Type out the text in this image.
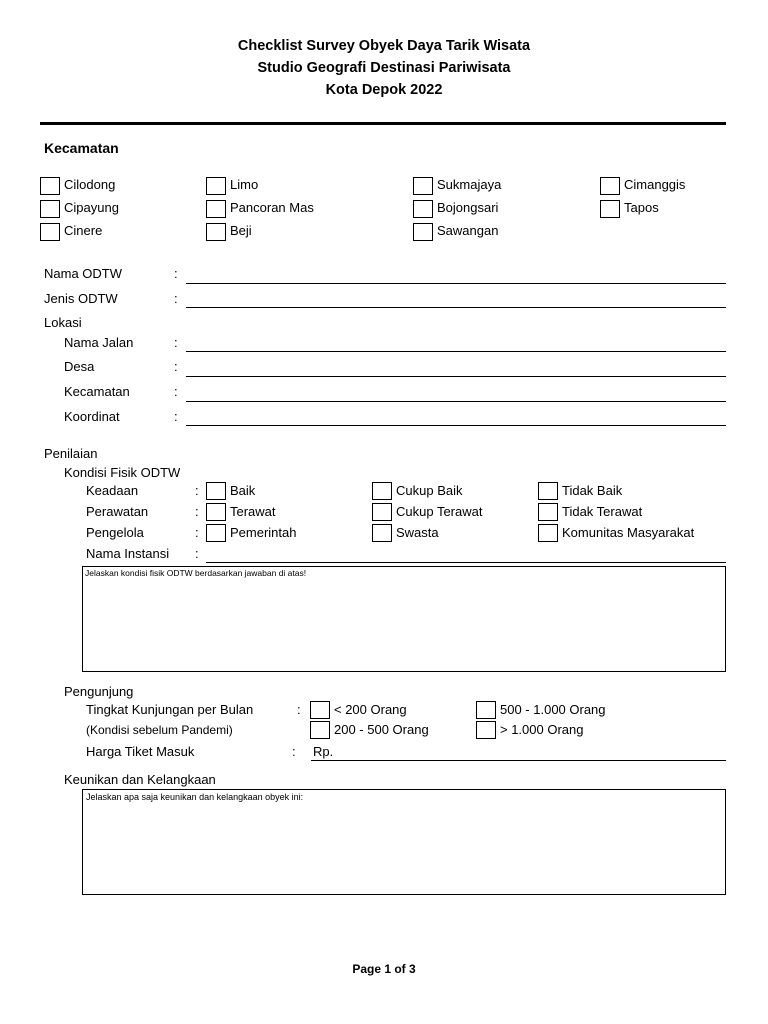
Checklist Survey Obyek Daya Tarik Wisata
Studio Geografi Destinasi Pariwisata
Kota Depok 2022
Kecamatan
Cilodong	Limo	Sukmajaya	Cimanggis
Cipayung	Pancoran Mas	Bojongsari	Tapos
Cinere	Beji	Sawangan
Nama ODTW	:
Jenis ODTW	:
Lokasi
Nama Jalan	:
Desa	:
Kecamatan	:
Koordinat	:
Penilaian
Kondisi Fisik ODTW
Keadaan	: Baik	Cukup Baik	Tidak Baik
Perawatan	: Terawat	Cukup Terawat	Tidak Terawat
Pengelola	: Pemerintah	Swasta	Komunitas Masyarakat
Nama Instansi :
Jelaskan kondisi fisik ODTW berdasarkan jawaban di atas!
Pengunjung
Tingkat Kunjungan per Bulan	:	< 200 Orang	500 - 1.000 Orang
(Kondisi sebelum Pandemi)	200 - 500 Orang	> 1.000 Orang
Harga Tiket Masuk	: Rp.
Keunikan dan Kelangkaan
Jelaskan apa saja keunikan dan kelangkaan obyek ini:
Page 1 of 3
